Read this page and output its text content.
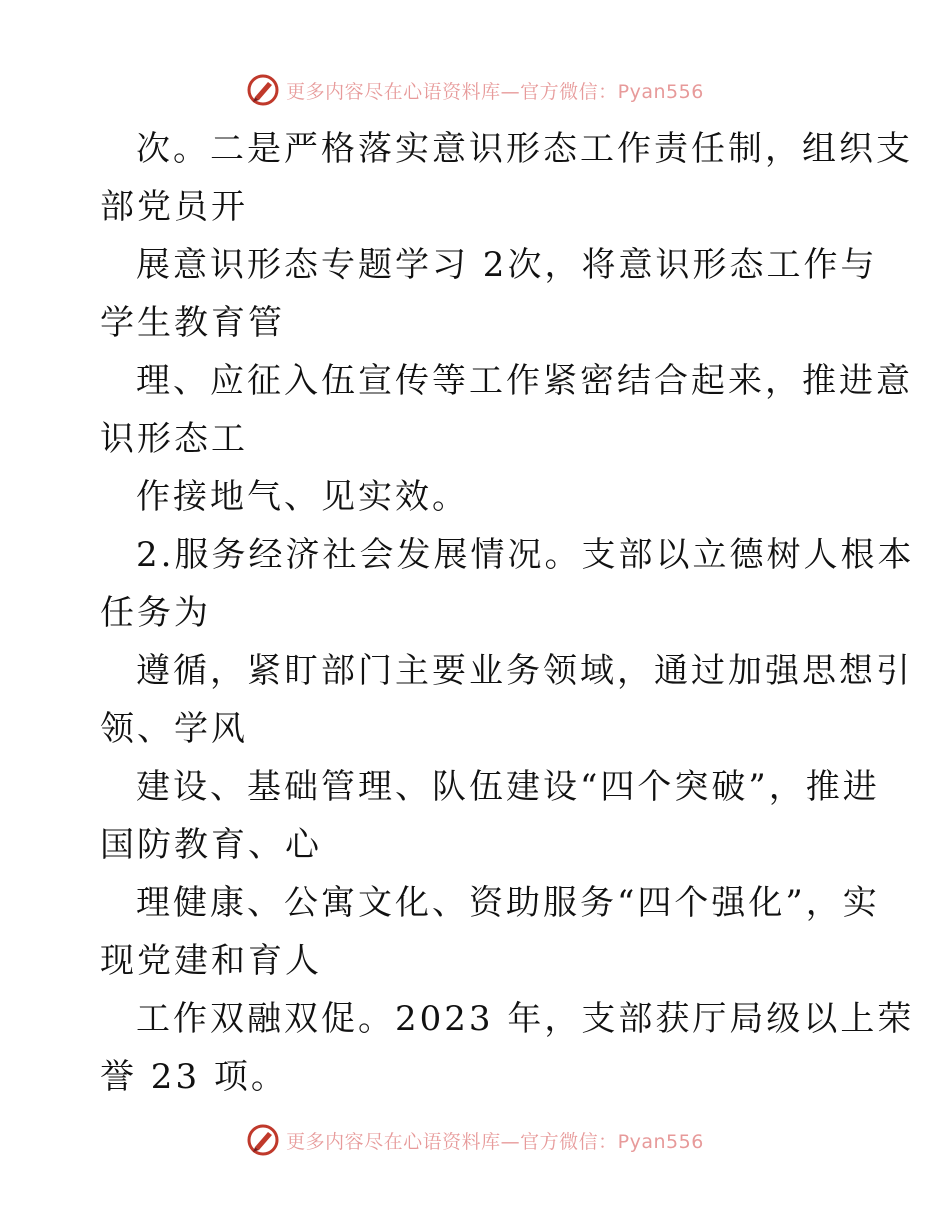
更多内容尽在心语资料库—官方微信：Pyan556
次。二是严格落实意识形态工作责任制，组织支
部党员开
展意识形态专题学习 2次，将意识形态工作与
学生教育管
理、应征入伍宣传等工作紧密结合起来，推进意
识形态工
作接地气、见实效。
2.服务经济社会发展情况。支部以立德树人根本
任务为
遵循，紧盯部门主要业务领域，通过加强思想引
领、学风
建设、基础管理、队伍建设“四个突破”，推进
国防教育、心
理健康、公寓文化、资助服务“四个强化”，实
现党建和育人
工作双融双促。2023 年，支部获厅局级以上荣
誉 23 项。
更多内容尽在心语资料库—官方微信：Pyan556
